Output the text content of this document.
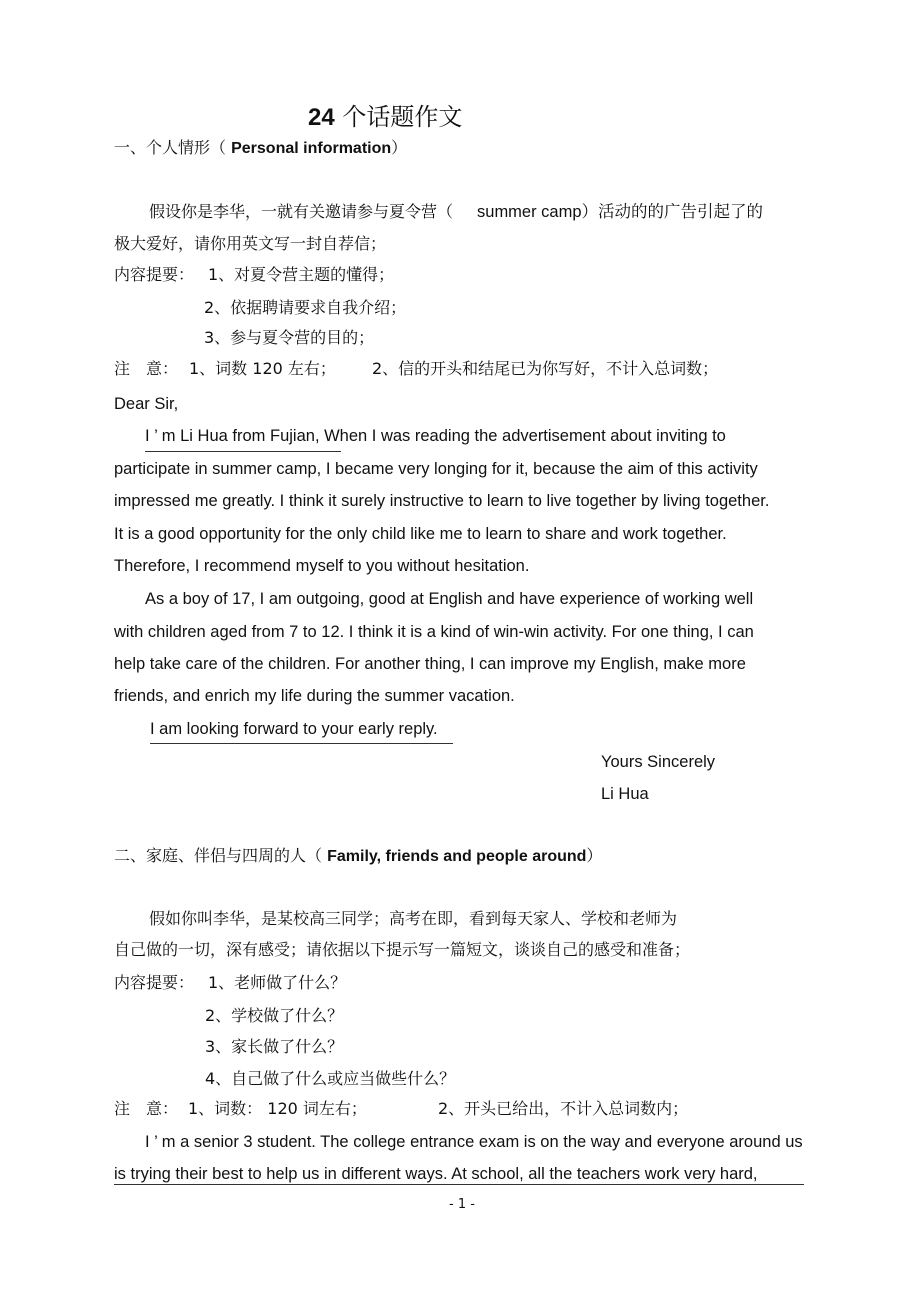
24 个话题作文
一、个人情形（ Personal information）
假设你是李华，一就有关邀请参与夏令营（ summer camp）活动的的广告引起了的
极大爱好，请你用英文写一封自荐信；
内容提要： 1、对夏令营主题的懂得；
2、依据聘请要求自我介绍；
3、参与夏令营的目的；
注　意： 1、词数 120 左右； 2、信的开头和结尾已为你写好，不计入总词数；
Dear Sir,
I ’ m Li Hua from Fujian, When I was reading the advertisement about inviting to
participate in summer camp, I became very longing for it, because the aim of this activity
impressed me greatly. I think it surely instructive to learn to live together by living together.
It is a good opportunity for the only child like me to learn to share and work together.
Therefore, I recommend myself to you without hesitation.
As a boy of 17, I am outgoing, good at English and have experience of working well
with children aged from 7 to 12. I think it is a kind of win-win activity. For one thing, I can
help take care of the children. For another thing, I can improve my English, make more
friends, and enrich my life during the summer vacation.
I am looking forward to your early reply.
Yours Sincerely
Li Hua
二、家庭、伴侣与四周的人（ Family, friends and people around）
假如你叫李华，是某校高三同学；高考在即，看到每天家人、学校和老师为
自己做的一切，深有感受；请依据以下提示写一篇短文，谈谈自己的感受和准备；
内容提要： 1、老师做了什么？
2、学校做了什么？
3、家长做了什么？
4、自己做了什么或应当做些什么？
注　意： 1、词数： 120 词左右；	2、开头已给出，不计入总词数内；
I ’ m a senior 3 student. The college entrance exam is on the way and everyone around us
is trying their best to help us in different ways. At school, all the teachers work very hard,
- 1 -
